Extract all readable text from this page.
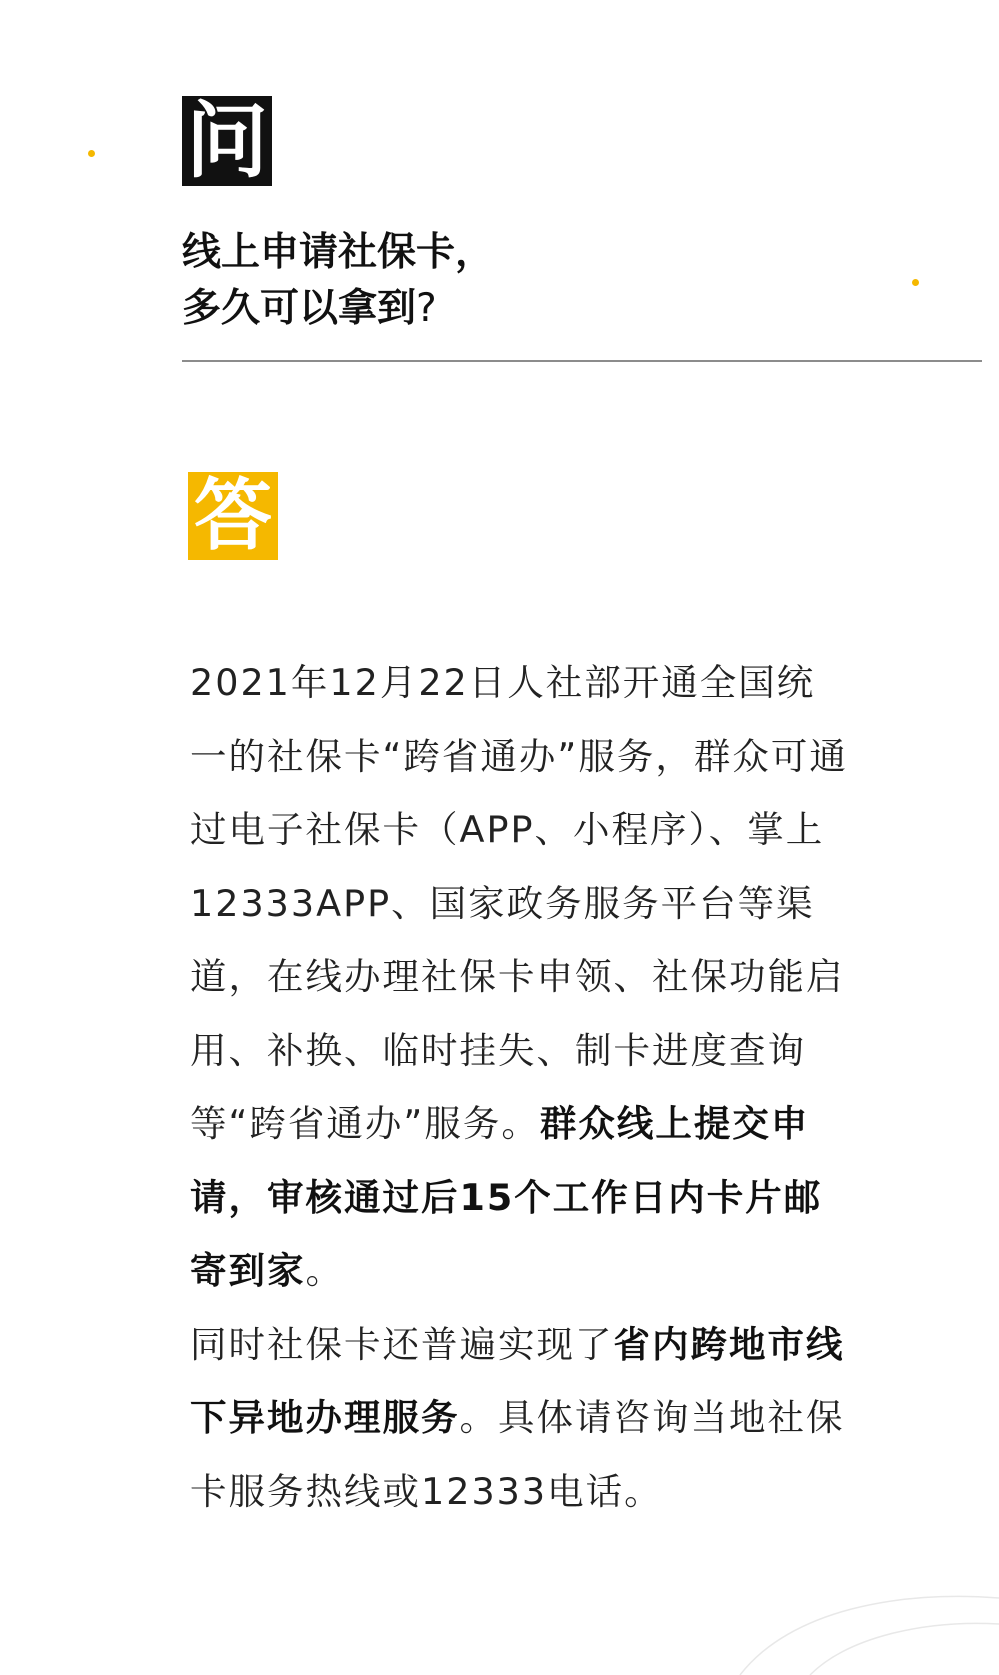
问
线上申请社保卡，
多久可以拿到?
答

2021年12月22日人社部开通全国统一的社保卡“跨省通办”服务，群众可通过电子社保卡（APP、小程序）、掌上12333APP、国家政务服务平台等渠道，在线办理社保卡申领、社保功能启用、补换、临时挂失、制卡进度查询等“跨省通办”服务。群众线上提交申请，审核通过后15个工作日内卡片邮寄到家。

同时社保卡还普遍实现了省内跨地市线下异地办理服务。具体请咨询当地社保卡服务热线或12333电话。
